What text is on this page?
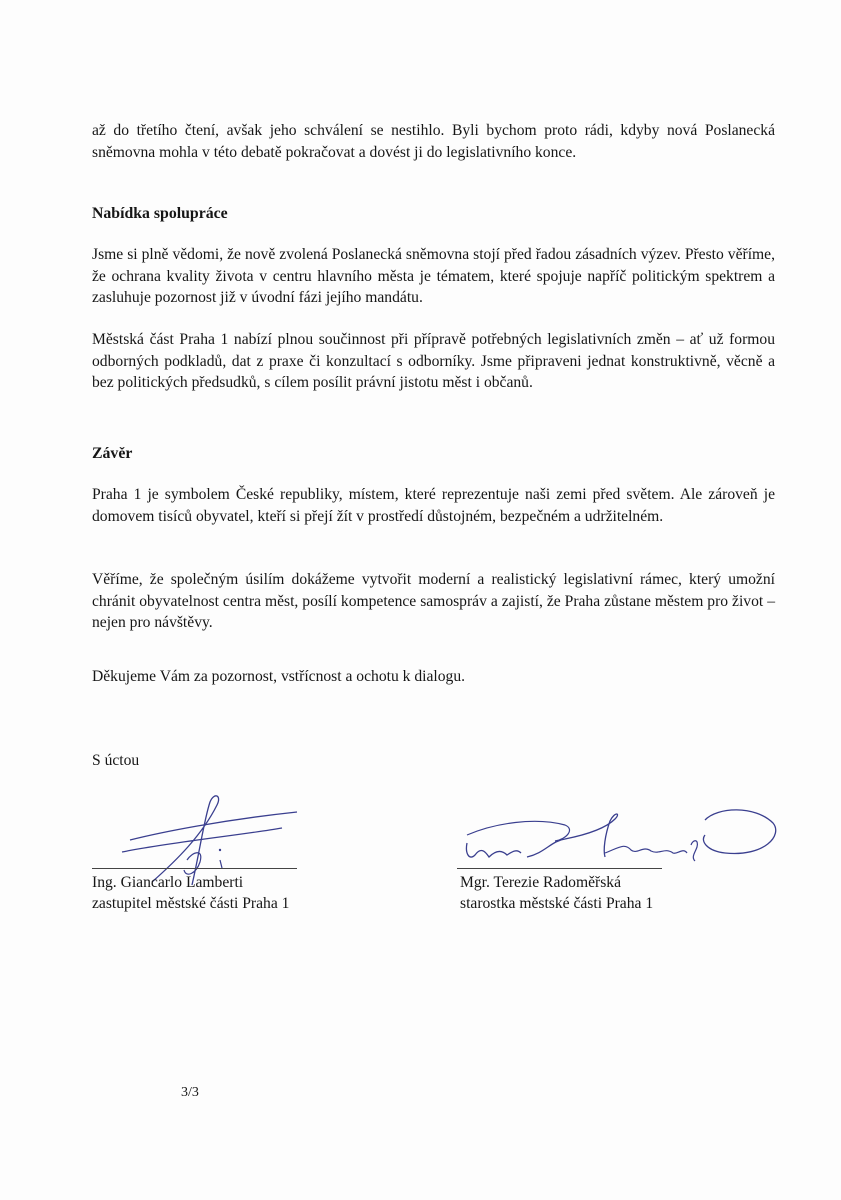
až do třetího čtení, avšak jeho schválení se nestihlo. Byli bychom proto rádi, kdyby nová Poslanecká sněmovna mohla v této debatě pokračovat a dovést ji do legislativního konce.

Nabídka spolupráce

Jsme si plně vědomi, že nově zvolená Poslanecká sněmovna stojí před řadou zásadních výzev. Přesto věříme, že ochrana kvality života v centru hlavního města je tématem, které spojuje napříč politickým spektrem a zasluhuje pozornost již v úvodní fázi jejího mandátu.

Městská část Praha 1 nabízí plnou součinnost při přípravě potřebných legislativních změn – ať už formou odborných podkladů, dat z praxe či konzultací s odborníky. Jsme připraveni jednat konstruktivně, věcně a bez politických předsudků, s cílem posílit právní jistotu měst i občanů.

Závěr

Praha 1 je symbolem České republiky, místem, které reprezentuje naši zemi před světem. Ale zároveň je domovem tisíců obyvatel, kteří si přejí žít v prostředí důstojném, bezpečném a udržitelném.

Věříme, že společným úsilím dokážeme vytvořit moderní a realistický legislativní rámec, který umožní chránit obyvatelnost centra měst, posílí kompetence samospráv a zajistí, že Praha zůstane městem pro život – nejen pro návštěvy.

Děkujeme Vám za pozornost, vstřícnost a ochotu k dialogu.

S úctou

Ing. Giancarlo Lamberti

zastupitel městské části Praha 1

Mgr. Terezie Radoměřská

starostka městské části Praha 1

3/3
